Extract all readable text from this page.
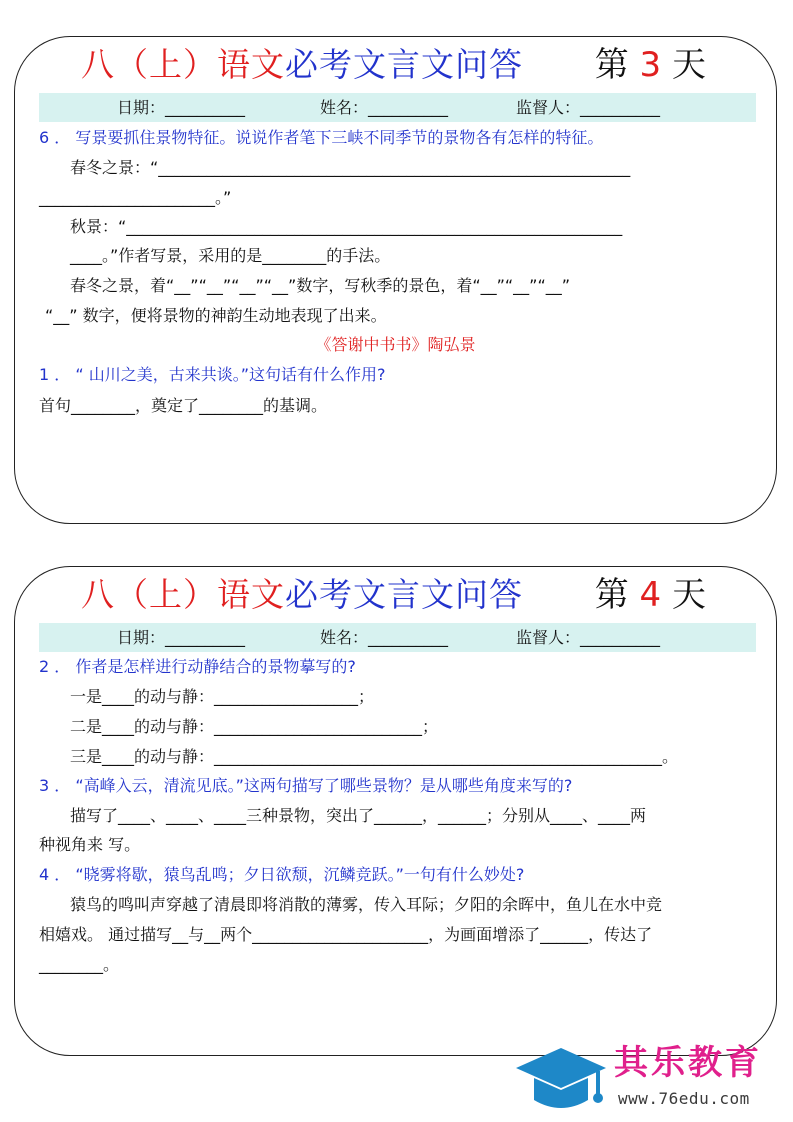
八（上）语文必考文言文问答 第 3 天
日期：__________	姓名：__________	监督人：__________
6 ． 写景要抓住景物特征。说说作者笔下三峡不同季节的景物各有怎样的特征。
春冬之景：“___________________________________________________________
______________________。”
秋景：“______________________________________________________________
____。”作者写景，采用的是________的手法。
春冬之景，着“__”“__”“__”“__”数字，写秋季的景色，着“__”“__”“__”
“__” 数字，便将景物的神韵生动地表现了出来。
《答谢中书书》陶弘景
1 ． “ 山川之美，古来共谈。”这句话有什么作用?
首句________，奠定了________的基调。
八（上）语文必考文言文问答 第 4 天
日期：__________	姓名：__________	监督人：__________
2 ． 作者是怎样进行动静结合的景物摹写的?
一是____的动与静：__________________；
二是____的动与静：__________________________；
三是____的动与静：________________________________________________________。
3 ． “高峰入云，清流见底。”这两句描写了哪些景物？是从哪些角度来写的?
描写了____、____、____三种景物，突出了______，______；分别从____、____两
种视角来 写。
4 ． “晓雾将歇，猿鸟乱鸣；夕日欲颓，沉鳞竞跃。”一句有什么妙处?
猿鸟的鸣叫声穿越了清晨即将消散的薄雾，传入耳际；夕阳的余晖中，鱼儿在水中竞
相嬉戏。 通过描写__与__两个______________________，为画面增添了______，传达了
________。
其乐教育
www.76edu.com
